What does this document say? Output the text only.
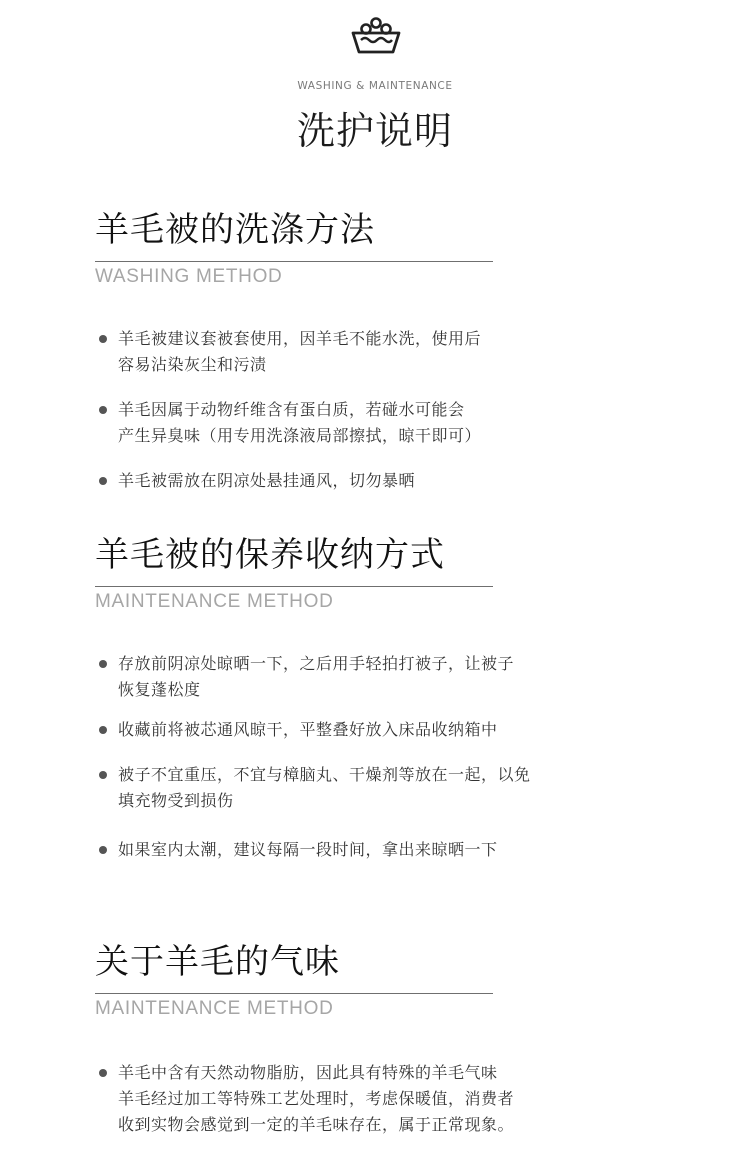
WASHING & MAINTENANCE
洗护说明
羊毛被的洗涤方法
WASHING METHOD
羊毛被建议套被套使用，因羊毛不能水洗，使用后
容易沾染灰尘和污渍
羊毛因属于动物纤维含有蛋白质，若碰水可能会
产生异臭味（用专用洗涤液局部擦拭，晾干即可）
羊毛被需放在阴凉处悬挂通风，切勿暴晒
羊毛被的保养收纳方式
MAINTENANCE METHOD
存放前阴凉处晾晒一下，之后用手轻拍打被子，让被子
恢复蓬松度
收藏前将被芯通风晾干，平整叠好放入床品收纳箱中
被子不宜重压，不宜与樟脑丸、干燥剂等放在一起，以免
填充物受到损伤
如果室内太潮，建议每隔一段时间，拿出来晾晒一下
关于羊毛的气味
MAINTENANCE METHOD
羊毛中含有天然动物脂肪，因此具有特殊的羊毛气味
羊毛经过加工等特殊工艺处理时，考虑保暖值，消费者
收到实物会感觉到一定的羊毛味存在，属于正常现象。
